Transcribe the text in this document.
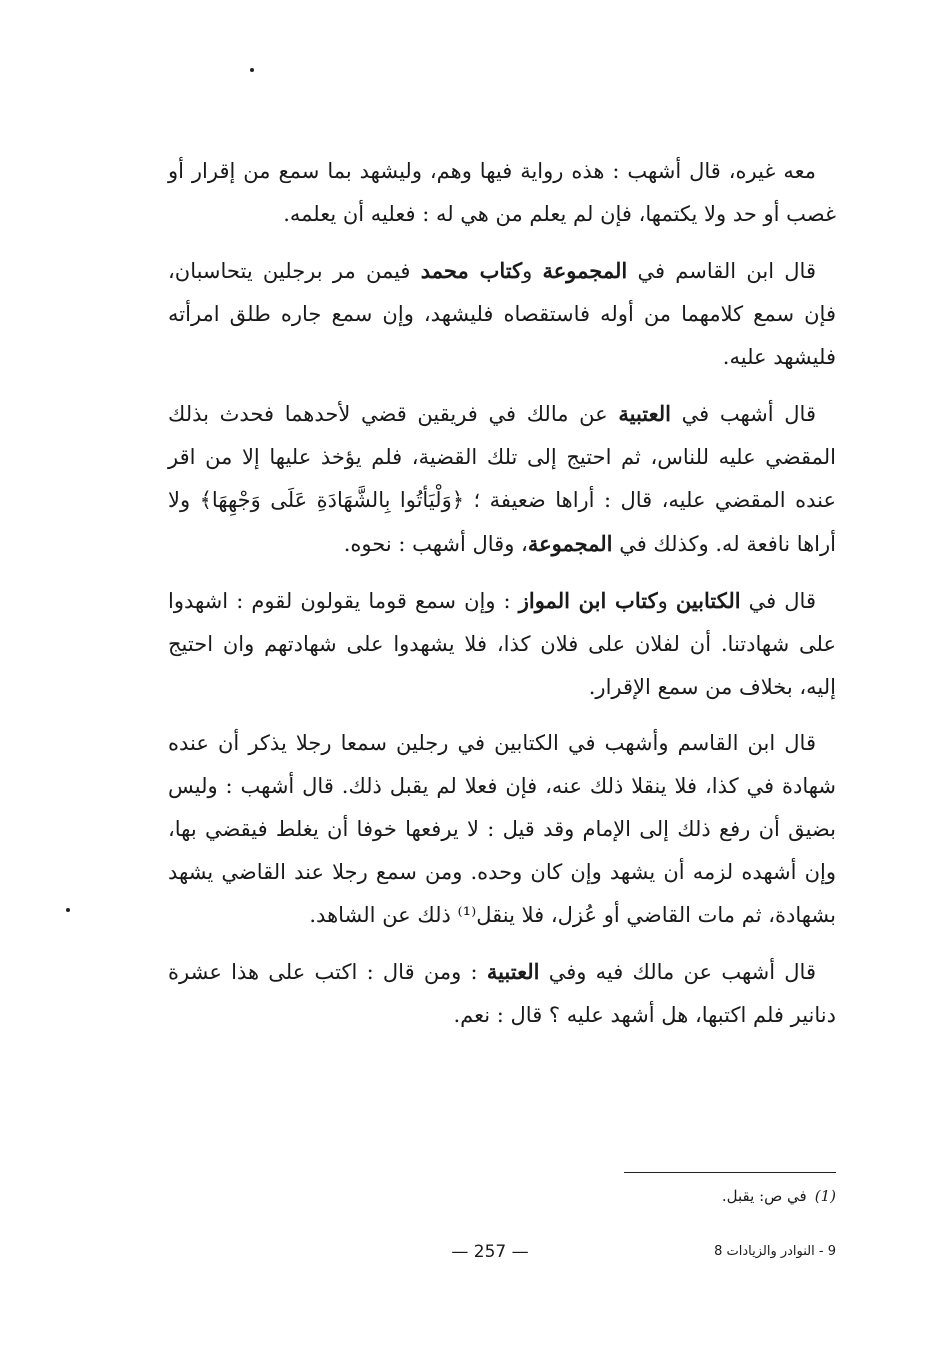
معه غيره، قال أشهب : هذه رواية فيها وهم، وليشهد بما سمع من إقرار أو غصب أو حد ولا يكتمها، فإن لم يعلم من هي له : فعليه أن يعلمه.

قال ابن القاسم في المجموعة وكتاب محمد فيمن مر برجلين يتحاسبان، فإن سمع كلامهما من أوله فاستقصاه فليشهد، وإن سمع جاره طلق امرأته فليشهد عليه.

قال أشهب في العتبية عن مالك في فريقين قضي لأحدهما فحدث بذلك المقضي عليه للناس، ثم احتيج إلى تلك القضية، فلم يؤخذ عليها إلا من اقر عنده المقضي عليه، قال : أراها ضعيفة ؛ ﴿وَلْيَأتُوا بِالشَّهَادَةِ عَلَى وَجْهِهَا﴾ ولا أراها نافعة له. وكذلك في المجموعة، وقال أشهب : نحوه.

قال في الكتابين وكتاب ابن المواز : وإن سمع قوما يقولون لقوم : اشهدوا على شهادتنا. أن لفلان على فلان كذا، فلا يشهدوا على شهادتهم وان احتيج إليه، بخلاف من سمع الإقرار.

قال ابن القاسم وأشهب في الكتابين في رجلين سمعا رجلا يذكر أن عنده شهادة في كذا، فلا ينقلا ذلك عنه، فإن فعلا لم يقبل ذلك. قال أشهب : وليس بضيق أن رفع ذلك إلى الإمام وقد قيل : لا يرفعها خوفا أن يغلط فيقضي بها، وإن أشهده لزمه أن يشهد وإن كان وحده. ومن سمع رجلا عند القاضي يشهد بشهادة، ثم مات القاضي أو عُزل، فلا ينقل⁽¹⁾ ذلك عن الشاهد.

قال أشهب عن مالك فيه وفي العتبية : ومن قال : اكتب على هذا عشرة دنانير فلم اكتبها، هل أشهد عليه ؟ قال : نعم.

(1)في ص: يقبل.
— 257 —	9 - النوادر والزيادات 8
